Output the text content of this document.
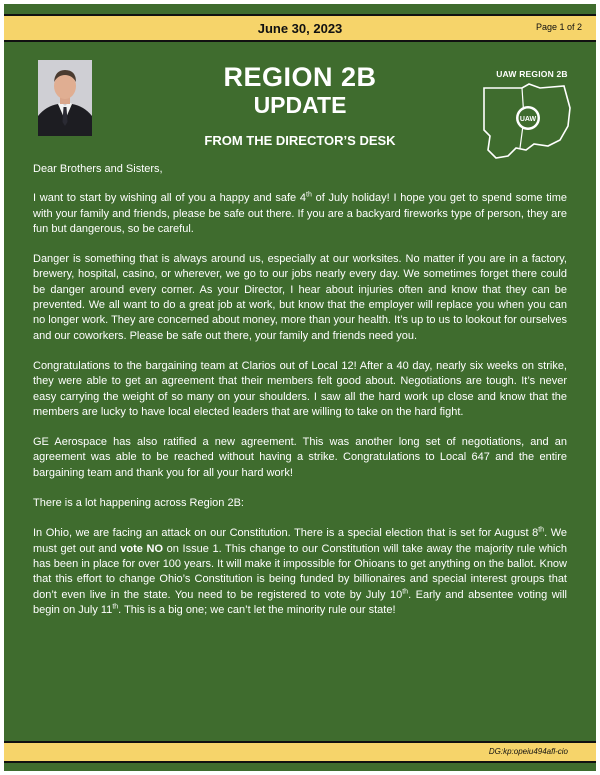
June 30, 2023	Page 1 of 2
REGION 2B
UPDATE
FROM THE DIRECTOR’S DESK
UAW REGION 2B
UAW

Dear Brothers and Sisters,

I want to start by wishing all of you a happy and safe 4th of July holiday! I hope you get to spend some time with your family and friends, please be safe out there. If you are a backyard fireworks type of person, they are fun but dangerous, so be careful.

Danger is something that is always around us, especially at our worksites. No matter if you are in a factory, brewery, hospital, casino, or wherever, we go to our jobs nearly every day. We sometimes forget there could be danger around every corner. As your Director, I hear about injuries often and know that they can be prevented. We all want to do a great job at work, but know that the employer will replace you when you can no longer work. They are concerned about money, more than your health. It’s up to us to lookout for ourselves and our coworkers. Please be safe out there, your family and friends need you.

Congratulations to the bargaining team at Clarios out of Local 12! After a 40 day, nearly six weeks on strike, they were able to get an agreement that their members felt good about. Negotiations are tough. It’s never easy carrying the weight of so many on your shoulders. I saw all the hard work up close and know that the members are lucky to have local elected leaders that are willing to take on the hard fight.

GE Aerospace has also ratified a new agreement. This was another long set of negotiations, and an agreement was able to be reached without having a strike. Congratulations to Local 647 and the entire bargaining team and thank you for all your hard work!

There is a lot happening across Region 2B:

In Ohio, we are facing an attack on our Constitution. There is a special election that is set for August 8th. We must get out and vote NO on Issue 1. This change to our Constitution will take away the majority rule which has been in place for over 100 years. It will make it impossible for Ohioans to get anything on the ballot. Know that this effort to change Ohio’s Constitution is being funded by billionaires and special interest groups that don’t even live in the state. You need to be registered to vote by July 10th. Early and absentee voting will begin on July 11th. This is a big one; we can’t let the minority rule our state!

DG:kp:opeiu494afl-cio
